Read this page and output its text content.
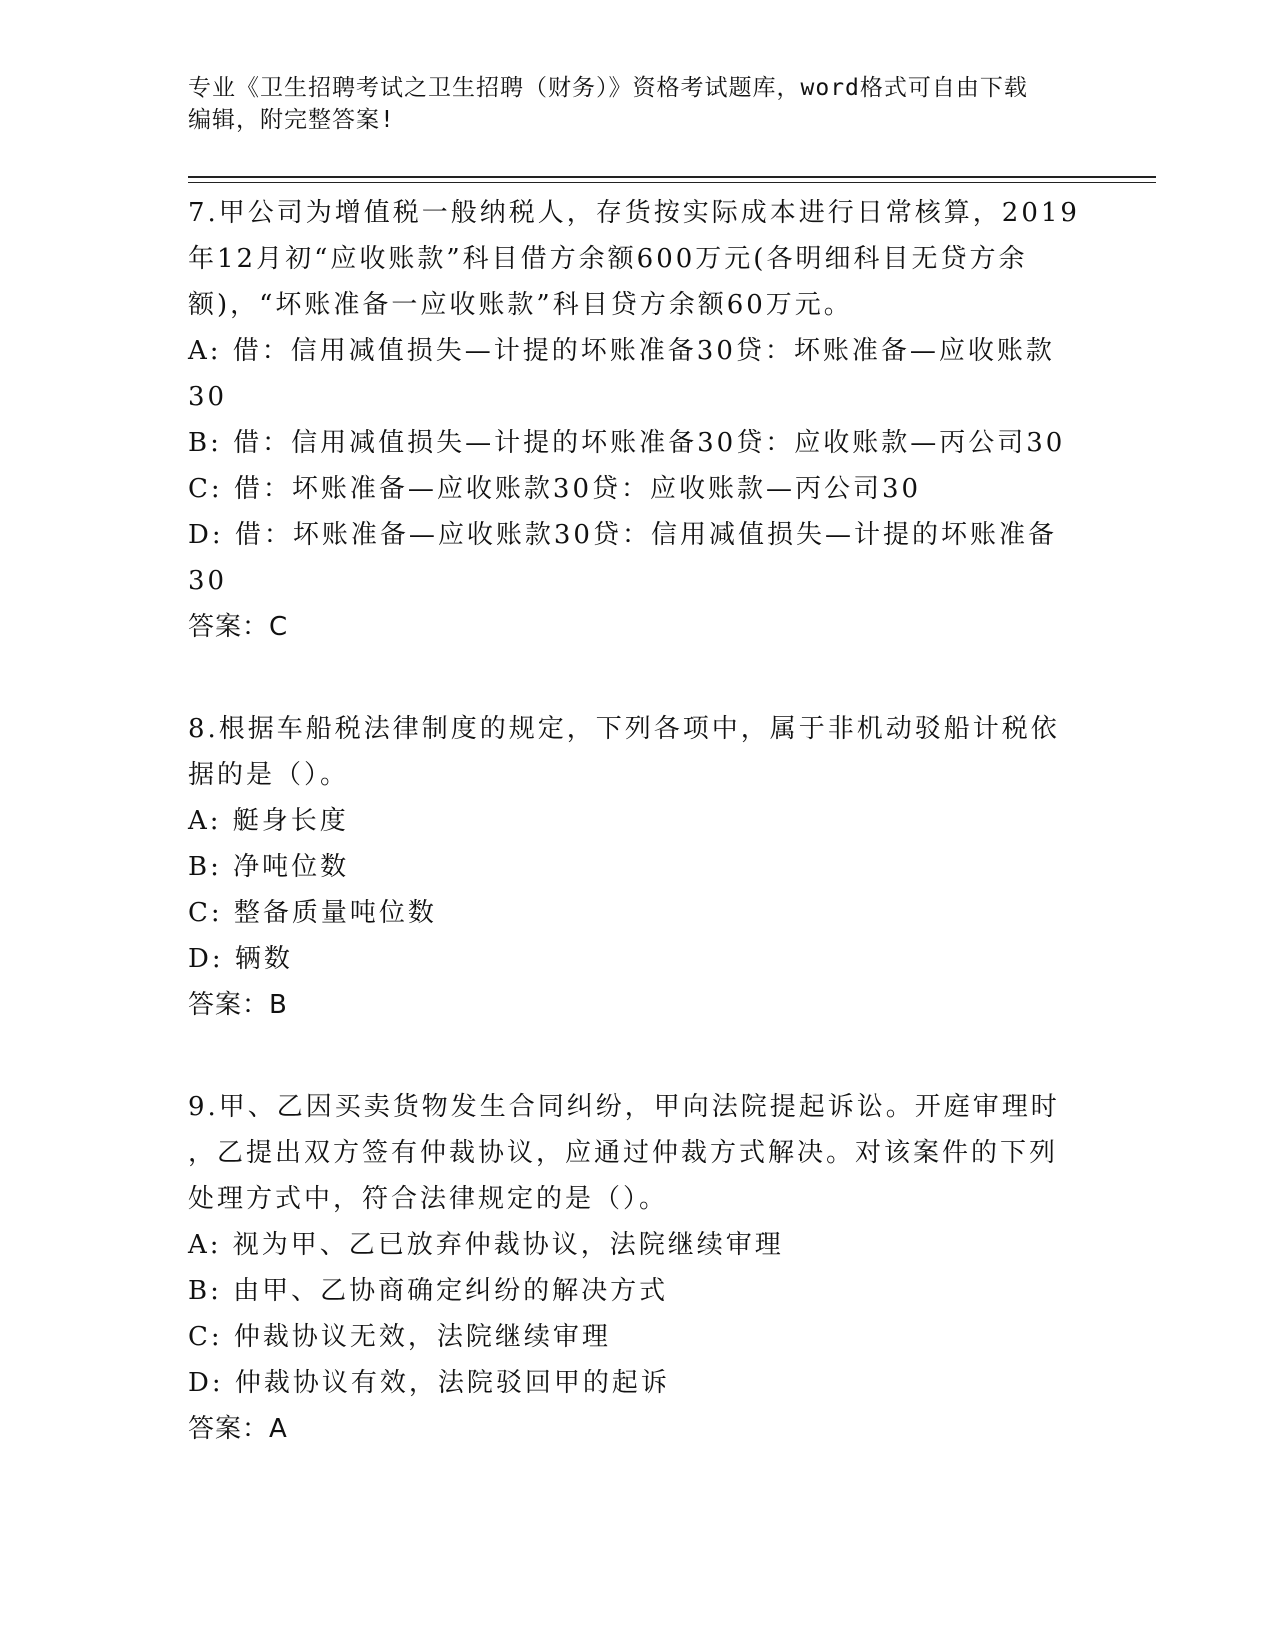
专业《卫生招聘考试之卫生招聘（财务）》资格考试题库，word格式可自由下载
编辑，附完整答案!
7.甲公司为增值税一般纳税人，存货按实际成本进行日常核算，2019
年12月初“应收账款”科目借方余额600万元(各明细科目无贷方余
额)，“坏账准备一应收账款”科目贷方余额60万元。
A: 借：信用减值损失—计提的坏账准备30贷：坏账准备—应收账款
30
B: 借：信用减值损失—计提的坏账准备30贷：应收账款—丙公司30
C: 借：坏账准备—应收账款30贷：应收账款—丙公司30
D: 借：坏账准备—应收账款30贷：信用减值损失—计提的坏账准备
30
答案：C
8.根据车船税法律制度的规定，下列各项中，属于非机动驳船计税依
据的是（）。
A: 艇身长度
B: 净吨位数
C: 整备质量吨位数
D: 辆数
答案：B
9.甲、乙因买卖货物发生合同纠纷，甲向法院提起诉讼。开庭审理时
，乙提出双方签有仲裁协议，应通过仲裁方式解决。对该案件的下列
处理方式中，符合法律规定的是（）。
A: 视为甲、乙已放弃仲裁协议，法院继续审理
B: 由甲、乙协商确定纠纷的解决方式
C: 仲裁协议无效，法院继续审理
D: 仲裁协议有效，法院驳回甲的起诉
答案：A
